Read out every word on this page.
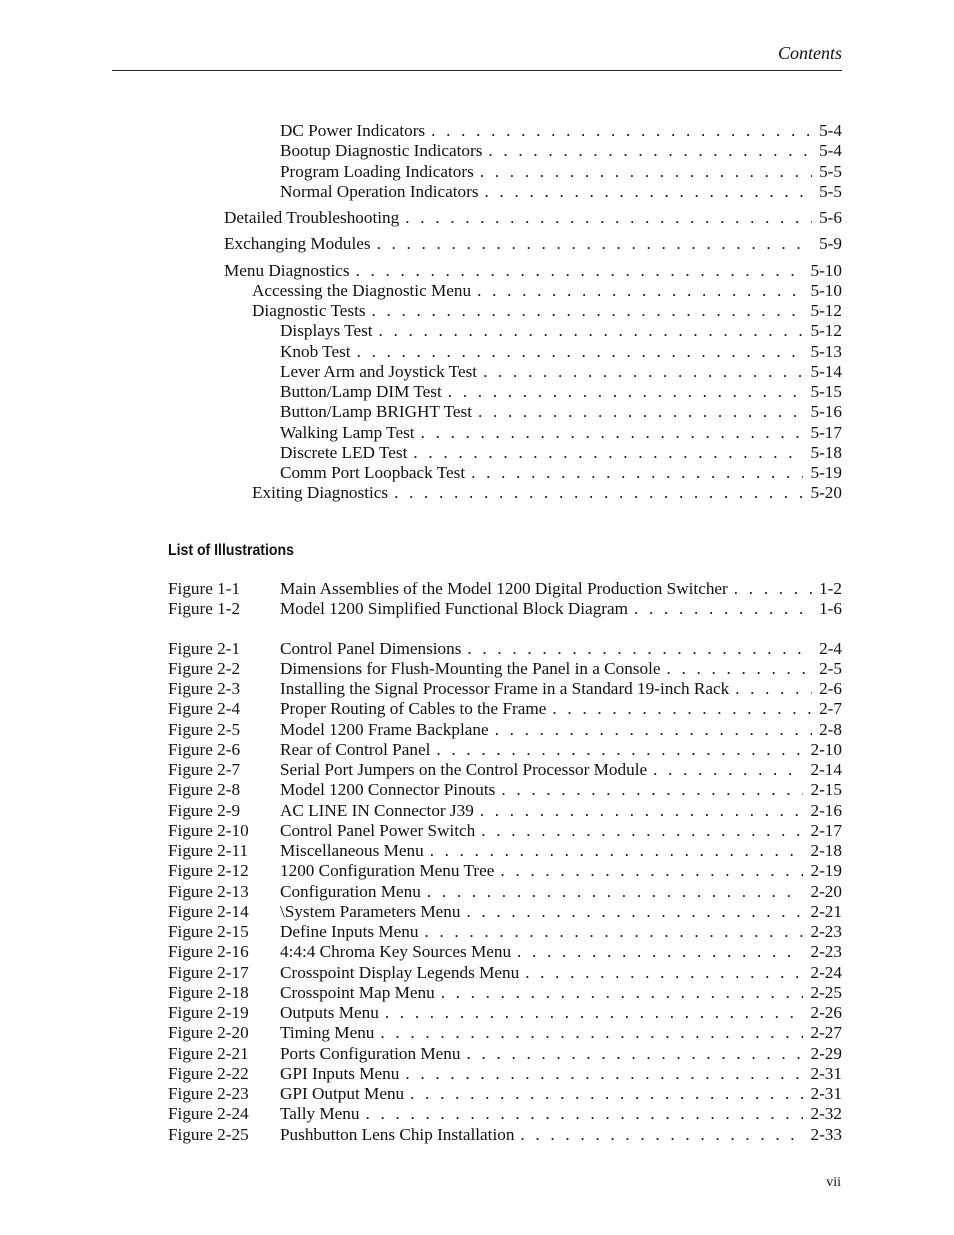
Contents
DC Power Indicators . . .	5-4
Bootup Diagnostic Indicators . . .	5-4
Program Loading Indicators . . .	5-5
Normal Operation Indicators . . .	5-5
Detailed Troubleshooting . . .	5-6
Exchanging Modules . . .	5-9
Menu Diagnostics . . .	5-10
Accessing the Diagnostic Menu . . .	5-10
Diagnostic Tests . . .	5-12
Displays Test . . .	5-12
Knob Test . . .	5-13
Lever Arm and Joystick Test . . .	5-14
Button/Lamp DIM Test . . .	5-15
Button/Lamp BRIGHT Test . . .	5-16
Walking Lamp Test . . .	5-17
Discrete LED Test . . .	5-18
Comm Port Loopback Test . . .	5-19
Exiting Diagnostics . . .	5-20
List of Illustrations
Figure 1-1	Main Assemblies of the Model 1200 Digital Production Switcher . . .	1-2
Figure 1-2	Model 1200 Simplified Functional Block Diagram . . .	1-6
Figure 2-1	Control Panel Dimensions . . .	2-4
Figure 2-2	Dimensions for Flush-Mounting the Panel in a Console . . .	2-5
Figure 2-3	Installing the Signal Processor Frame in a Standard 19-inch Rack . . .	2-6
Figure 2-4	Proper Routing of Cables to the Frame . . .	2-7
Figure 2-5	Model 1200 Frame Backplane . . .	2-8
Figure 2-6	Rear of Control Panel . . .	2-10
Figure 2-7	Serial Port Jumpers on the Control Processor Module . . .	2-14
Figure 2-8	Model 1200 Connector Pinouts . . .	2-15
Figure 2-9	AC LINE IN Connector J39 . . .	2-16
Figure 2-10	Control Panel Power Switch . . .	2-17
Figure 2-11	Miscellaneous Menu . . .	2-18
Figure 2-12	1200 Configuration Menu Tree . . .	2-19
Figure 2-13	Configuration Menu . . .	2-20
Figure 2-14	\System Parameters Menu . . .	2-21
Figure 2-15	Define Inputs Menu . . .	2-23
Figure 2-16	4:4:4 Chroma Key Sources Menu . . .	2-23
Figure 2-17	Crosspoint Display Legends Menu . . .	2-24
Figure 2-18	Crosspoint Map Menu . . .	2-25
Figure 2-19	Outputs Menu . . .	2-26
Figure 2-20	Timing Menu . . .	2-27
Figure 2-21	Ports Configuration Menu . . .	2-29
Figure 2-22	GPI Inputs Menu . . .	2-31
Figure 2-23	GPI Output Menu . . .	2-31
Figure 2-24	Tally Menu . . .	2-32
Figure 2-25	Pushbutton Lens Chip Installation . . .	2-33
vii
